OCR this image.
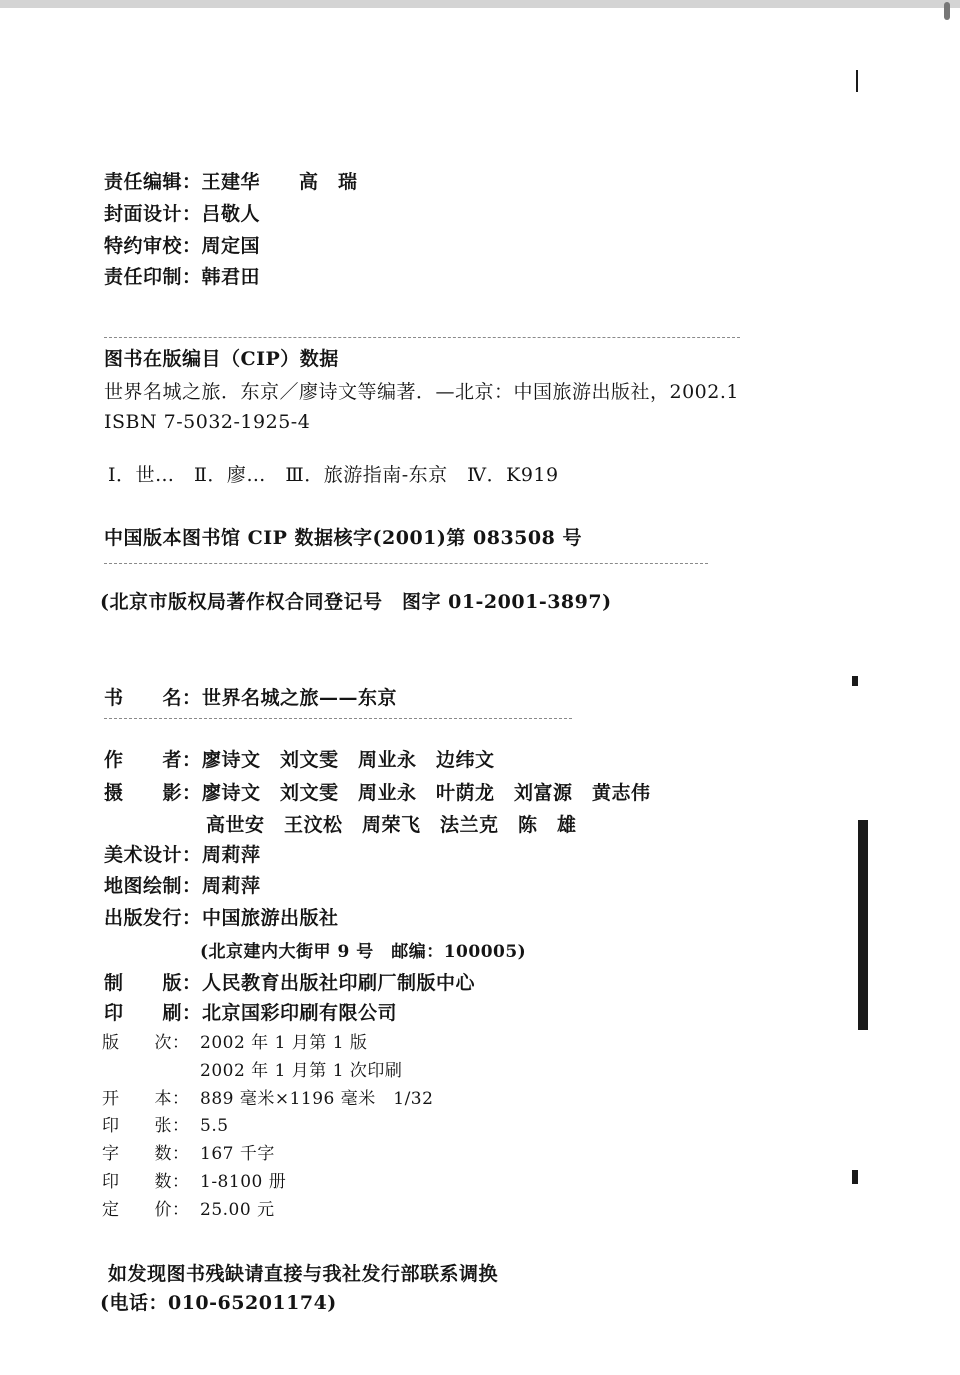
责任编辑：王建华　　高　瑞
封面设计：吕敬人
特约审校：周定国
责任印制：韩君田
图书在版编目（CIP）数据
世界名城之旅．东京／廖诗文等编著．—北京：中国旅游出版社，2002.1
ISBN 7-5032-1925-4
Ⅰ．世…　Ⅱ．廖…　Ⅲ．旅游指南-东京　Ⅳ．K919
中国版本图书馆 CIP 数据核字(2001)第 083508 号
(北京市版权局著作权合同登记号　图字 01-2001-3897)
书　　名：世界名城之旅——东京
作　　者：廖诗文　刘文雯　周业永　边纬文
摄　　影：廖诗文　刘文雯　周业永　叶荫龙　刘富源　黄志伟
高世安　王汶松　周荣飞　法兰克　陈　雄
美术设计：周莉萍
地图绘制：周莉萍
出版发行：中国旅游出版社
(北京建内大街甲 9 号　邮编：100005)
制　　版：人民教育出版社印刷厂制版中心
印　　刷：北京国彩印刷有限公司
版　　次： 2002 年 1 月第 1 版
2002 年 1 月第 1 次印刷
开　　本： 889 毫米×1196 毫米　1/32
印　　张： 5.5
字　　数： 167 千字
印　　数： 1-8100 册
定　　价： 25.00 元
如发现图书残缺请直接与我社发行部联系调换
(电话：010-65201174)
